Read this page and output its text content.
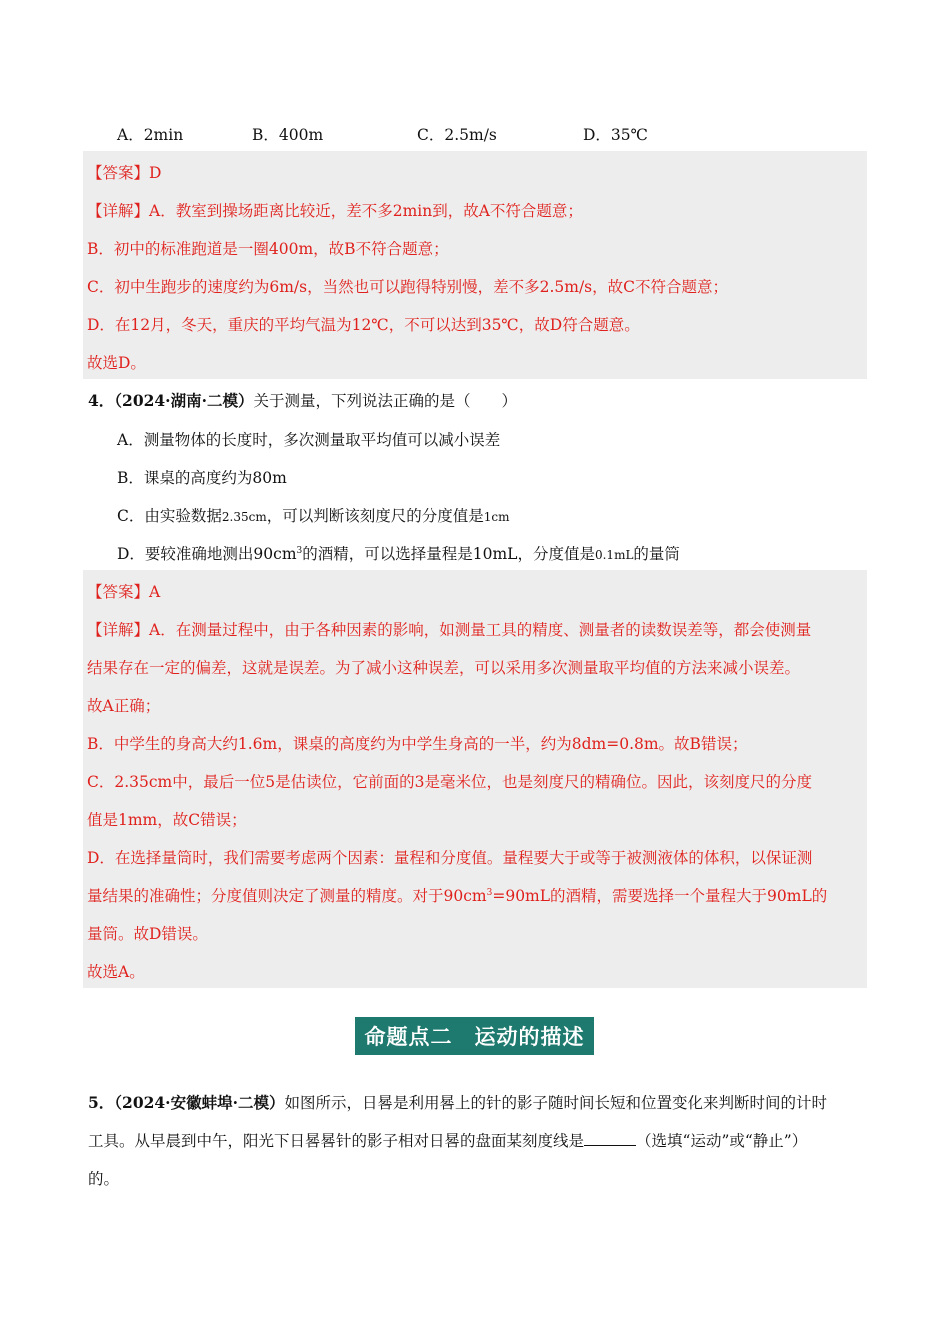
A．2min	B．400m	C．2.5m/s	D．35℃
【答案】D
【详解】A．教室到操场距离比较近，差不多2min到，故A不符合题意；
B．初中的标准跑道是一圈400m，故B不符合题意；
C．初中生跑步的速度约为6m/s，当然也可以跑得特别慢，差不多2.5m/s，故C不符合题意；
D．在12月，冬天，重庆的平均气温为12℃，不可以达到35℃，故D符合题意。
故选D。
4．（2024·湖南·二模）关于测量，下列说法正确的是（　　）
A．测量物体的长度时，多次测量取平均值可以减小误差
B．课桌的高度约为80m
C．由实验数据2.35cm，可以判断该刻度尺的分度值是1cm
D．要较准确地测出$90cm^3$的酒精，可以选择量程是10mL，分度值是0.1mL的量筒
【答案】A
【详解】A．在测量过程中，由于各种因素的影响，如测量工具的精度、测量者的读数误差等，都会使测量
结果存在一定的偏差，这就是误差。为了减小这种误差，可以采用多次测量取平均值的方法来减小误差。
故A正确；
B．中学生的身高大约1.6m，课桌的高度约为中学生身高的一半，约为8dm=0.8m。故B错误；
C．2.35cm中，最后一位5是估读位，它前面的3是毫米位，也是刻度尺的精确位。因此，该刻度尺的分度
值是1mm，故C错误；
D．在选择量筒时，我们需要考虑两个因素：量程和分度值。量程要大于或等于被测液体的体积，以保证测
量结果的准确性；分度值则决定了测量的精度。对于$90cm^3=90mL$的酒精，需要选择一个量程大于90mL的
量筒。故D错误。
故选A。
命题点二　运动的描述
5．（2024·安徽蚌埠·二模）如图所示，日晷是利用晷上的针的影子随时间长短和位置变化来判断时间的计时
工具。从早晨到中午，阳光下日晷晷针的影子相对日晷的盘面某刻度线是	（选填“运动”或“静止”）
的。
